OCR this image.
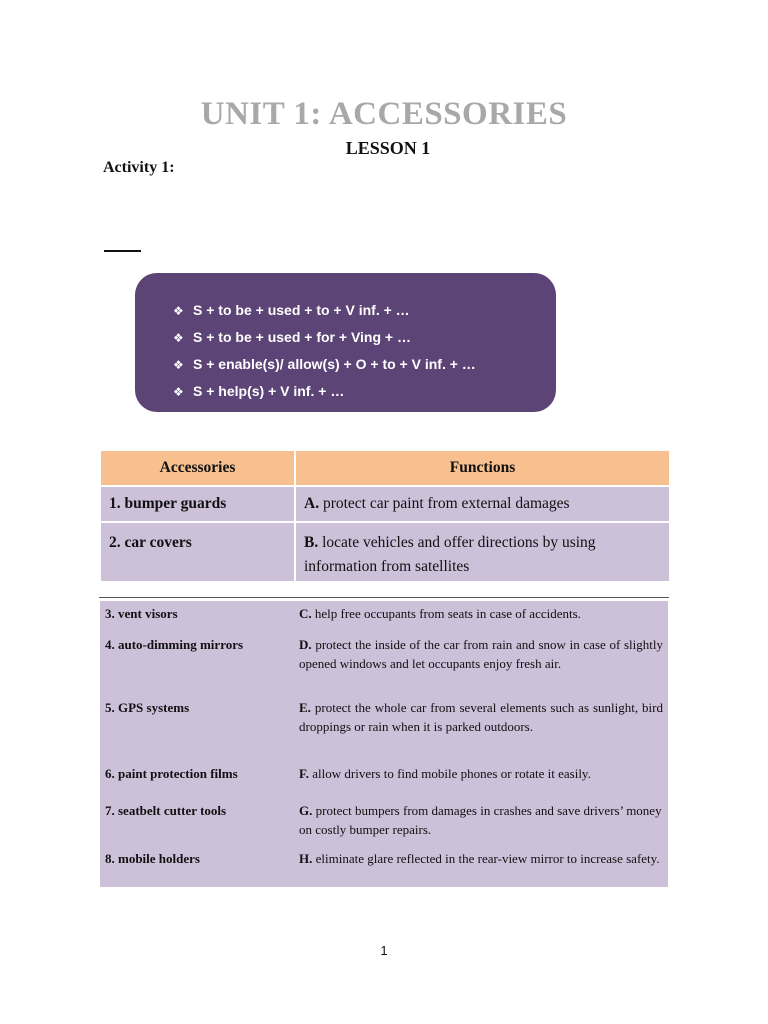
UNIT 1: ACCESSORIES
LESSON 1
Activity 1:
❖ S + to be + used + to + V inf. + …
❖ S + to be + used + for + Ving + …
❖ S + enable(s)/ allow(s) + O + to + V inf. + …
❖ S + help(s) + V inf. + …
Accessories	Functions
1. bumper guards	A. protect car paint from external damages
2. car covers	B. locate vehicles and offer directions by using information from satellites
3. vent visors	C. help free occupants from seats in case of accidents.
4. auto-dimming mirrors	D. protect the inside of the car from rain and snow in case of slightly opened windows and let occupants enjoy fresh air.
5. GPS systems	E. protect the whole car from several elements such as sunlight, bird droppings or rain when it is parked outdoors.
6. paint protection films	F. allow drivers to find mobile phones or rotate it easily.
7. seatbelt cutter tools	G. protect bumpers from damages in crashes and save drivers’ money on costly bumper repairs.
8. mobile holders	H. eliminate glare reflected in the rear-view mirror to increase safety.
1
